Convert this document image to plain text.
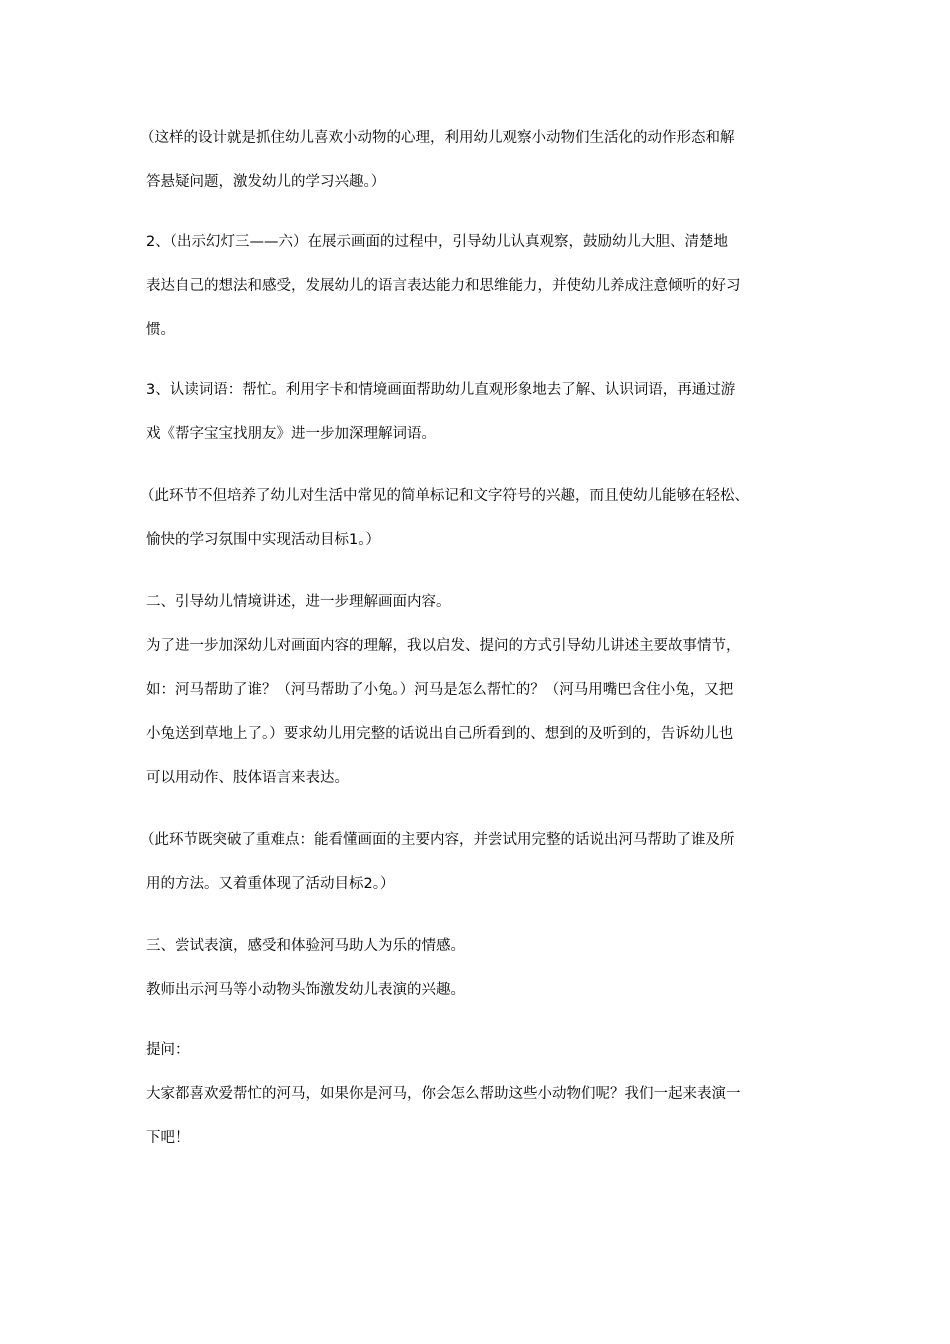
（这样的设计就是抓住幼儿喜欢小动物的心理，利用幼儿观察小动物们生活化的动作形态和解
答悬疑问题，激发幼儿的学习兴趣。）
2、（出示幻灯三——六）在展示画面的过程中，引导幼儿认真观察，鼓励幼儿大胆、清楚地
表达自己的想法和感受，发展幼儿的语言表达能力和思维能力，并使幼儿养成注意倾听的好习
惯。
3、认读词语：帮忙。利用字卡和情境画面帮助幼儿直观形象地去了解、认识词语，再通过游
戏《帮字宝宝找朋友》进一步加深理解词语。
（此环节不但培养了幼儿对生活中常见的简单标记和文字符号的兴趣，而且使幼儿能够在轻松、
愉快的学习氛围中实现活动目标1。）
二、引导幼儿情境讲述，进一步理解画面内容。
为了进一步加深幼儿对画面内容的理解，我以启发、提问的方式引导幼儿讲述主要故事情节，
如：河马帮助了谁？（河马帮助了小兔。）河马是怎么帮忙的？（河马用嘴巴含住小兔，又把
小兔送到草地上了。）要求幼儿用完整的话说出自己所看到的、想到的及听到的，告诉幼儿也
可以用动作、肢体语言来表达。
（此环节既突破了重难点：能看懂画面的主要内容，并尝试用完整的话说出河马帮助了谁及所
用的方法。又着重体现了活动目标2。）
三、尝试表演，感受和体验河马助人为乐的情感。
教师出示河马等小动物头饰激发幼儿表演的兴趣。
提问：
大家都喜欢爱帮忙的河马，如果你是河马，你会怎么帮助这些小动物们呢？我们一起来表演一
下吧！
